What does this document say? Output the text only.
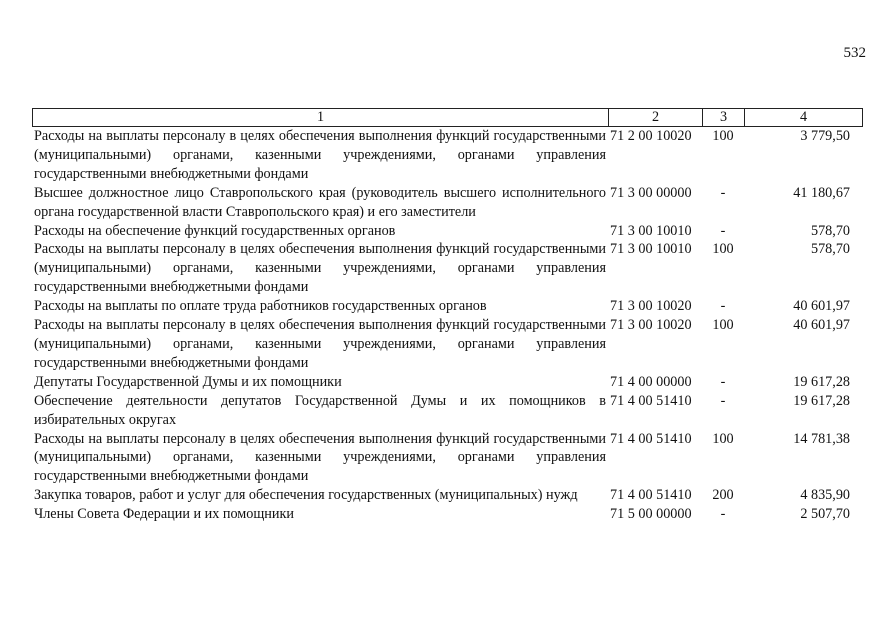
532
1	2	3	4
Расходы на выплаты персоналу в целях обеспечения выполнения функций государственными (муниципальными) органами, казенными учреждениями, органами управления государственными внебюджетными фондами
71 2 00 10020	100	3 779,50
Высшее должностное лицо Ставропольского края (руководитель высшего исполнительного органа государственной власти Ставропольского края) и его заместители
71 3 00 00000	-	41 180,67
Расходы на обеспечение функций государственных органов	71 3 00 10010	-	578,70
Расходы на выплаты персоналу в целях обеспечения выполнения функций государственными (муниципальными) органами, казенными учреждениями, органами управления государственными внебюджетными фондами
71 3 00 10010	100	578,70
Расходы на выплаты по оплате труда работников государственных органов	71 3 00 10020	-	40 601,97
Расходы на выплаты персоналу в целях обеспечения выполнения функций государственными (муниципальными) органами, казенными учреждениями, органами управления государственными внебюджетными фондами
71 3 00 10020	100	40 601,97
Депутаты Государственной Думы и их помощники	71 4 00 00000	-	19 617,28
Обеспечение деятельности депутатов Государственной Думы и их помощников в избирательных округах
71 4 00 51410	-	19 617,28
Расходы на выплаты персоналу в целях обеспечения выполнения функций государственными (муниципальными) органами, казенными учреждениями, органами управления государственными внебюджетными фондами
71 4 00 51410	100	14 781,38
Закупка товаров, работ и услуг для обеспечения государственных (муниципальных) нужд	71 4 00 51410	200	4 835,90
Члены Совета Федерации и их помощники	71 5 00 00000	-	2 507,70
